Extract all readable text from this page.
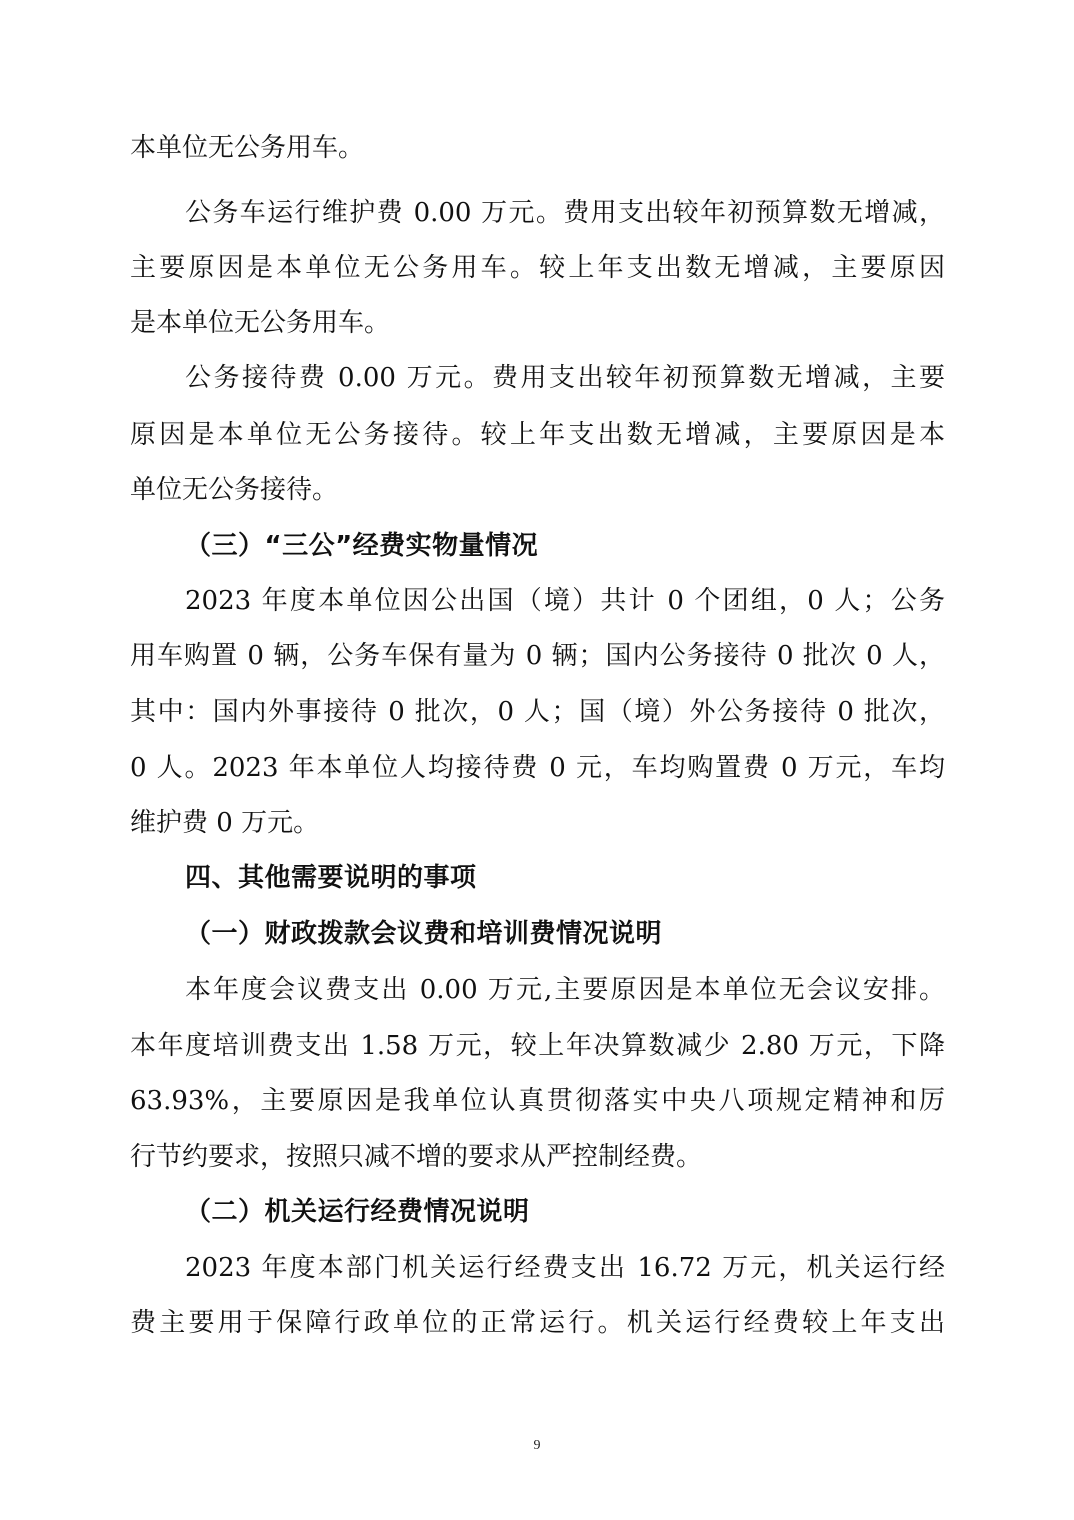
本单位无公务用车。
公务车运行维护费 0.00 万元。费用支出较年初预算数无增减，
主要原因是本单位无公务用车。较上年支出数无增减，主要原因
是本单位无公务用车。
公务接待费 0.00 万元。费用支出较年初预算数无增减，主要
原因是本单位无公务接待。较上年支出数无增减，主要原因是本
单位无公务接待。
（三）“三公”经费实物量情况
2023 年度本单位因公出国（境）共计 0 个团组，0 人；公务
用车购置 0 辆，公务车保有量为 0 辆；国内公务接待 0 批次 0 人，
其中：国内外事接待 0 批次，0 人；国（境）外公务接待 0 批次，
0 人。2023 年本单位人均接待费 0 元，车均购置费 0 万元，车均
维护费 0 万元。
四、其他需要说明的事项
（一）财政拨款会议费和培训费情况说明
本年度会议费支出 0.00 万元,主要原因是本单位无会议安排。
本年度培训费支出 1.58 万元，较上年决算数减少 2.80 万元，下降
63.93%，主要原因是我单位认真贯彻落实中央八项规定精神和厉
行节约要求，按照只减不增的要求从严控制经费。
（二）机关运行经费情况说明
2023 年度本部门机关运行经费支出 16.72 万元，机关运行经
费主要用于保障行政单位的正常运行。机关运行经费较上年支出
9
